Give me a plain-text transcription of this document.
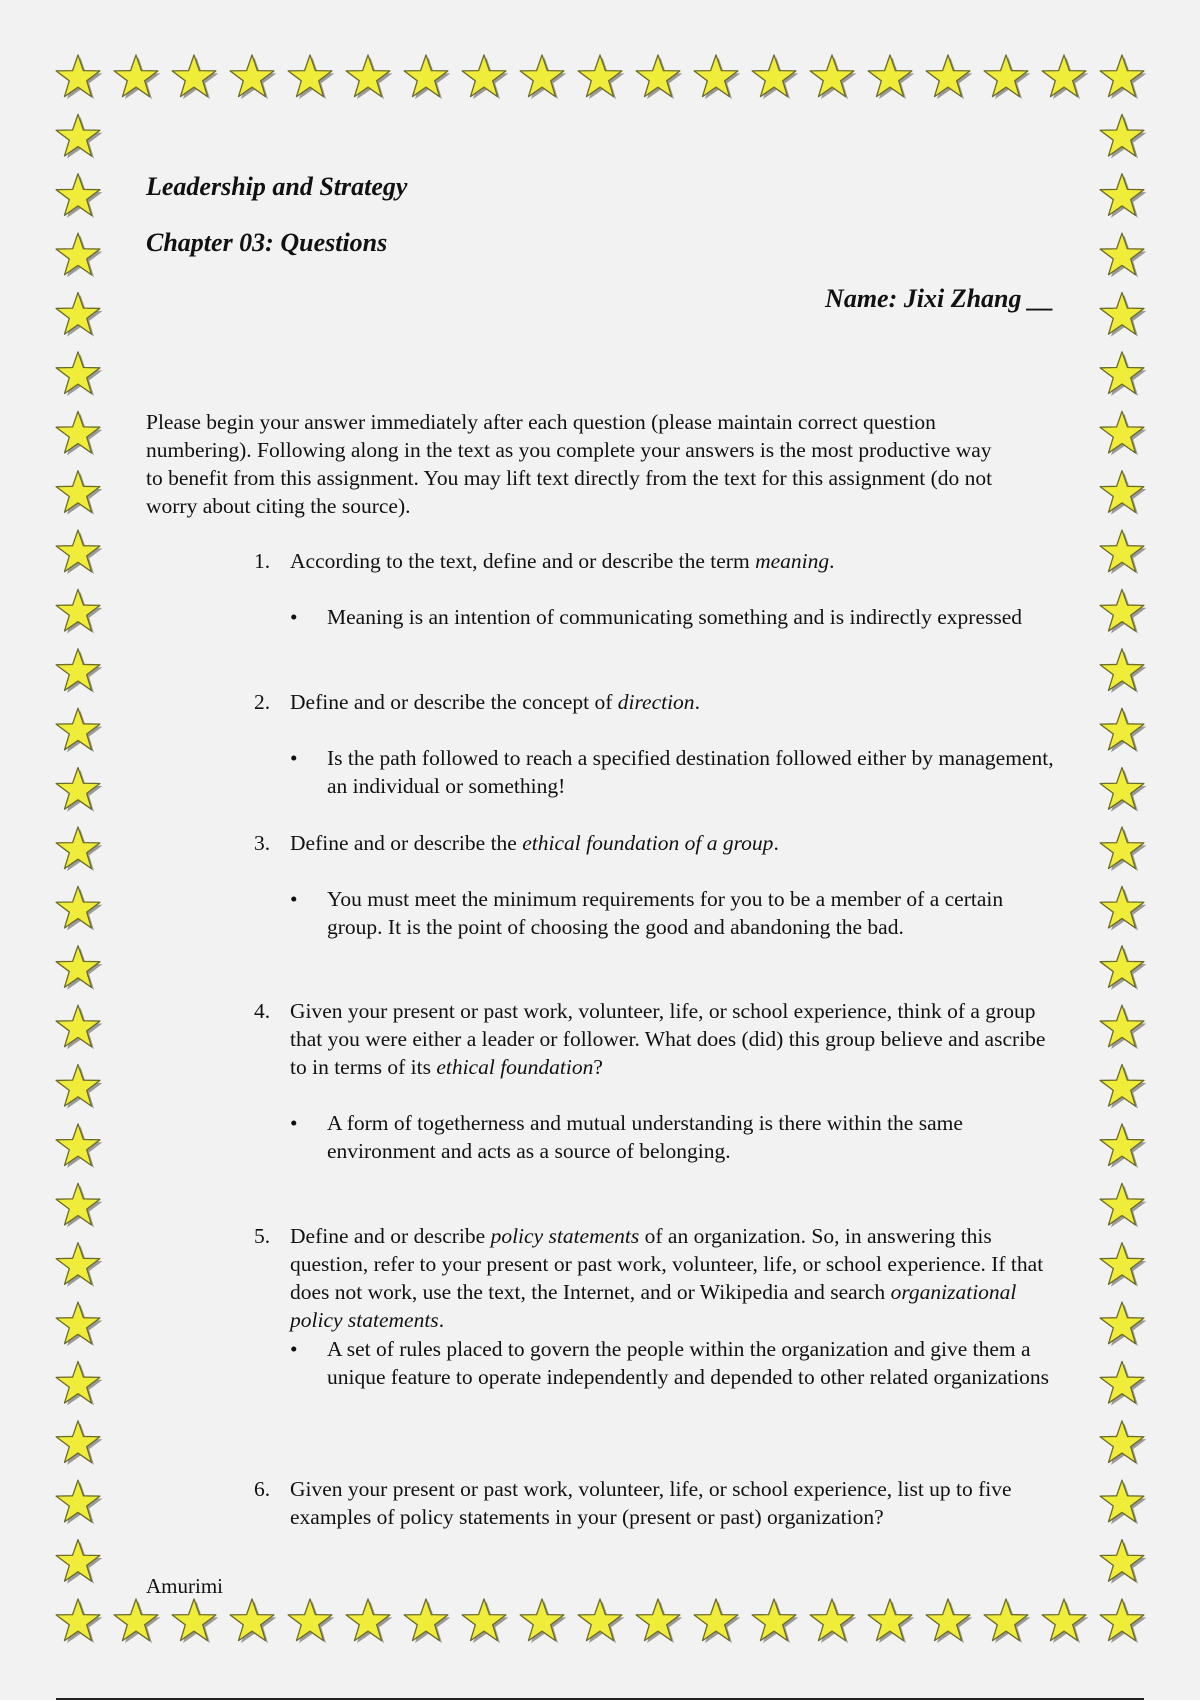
Leadership and Strategy
Chapter 03: Questions
Name: Jixi Zhang __
Please begin your answer immediately after each question (please maintain correct question numbering). Following along in the text as you complete your answers is the most productive way to benefit from this assignment. You may lift text directly from the text for this assignment (do not worry about citing the source).
1. According to the text, define and or describe the term meaning.
•	Meaning is an intention of communicating something and is indirectly expressed
2. Define and or describe the concept of direction.
•	Is the path followed to reach a specified destination followed either by management, an individual or something!
3. Define and or describe the ethical foundation of a group.
•	You must meet the minimum requirements for you to be a member of a certain group. It is the point of choosing the good and abandoning the bad.
4. Given your present or past work, volunteer, life, or school experience, think of a group that you were either a leader or follower. What does (did) this group believe and ascribe to in terms of its ethical foundation?
•	A form of togetherness and mutual understanding is there within the same environment and acts as a source of belonging.
5. Define and or describe policy statements of an organization. So, in answering this question, refer to your present or past work, volunteer, life, or school experience. If that does not work, use the text, the Internet, and or Wikipedia and search organizational policy statements.
•	A set of rules placed to govern the people within the organization and give them a unique feature to operate independently and depended to other related organizations
6. Given your present or past work, volunteer, life, or school experience, list up to five examples of policy statements in your (present or past) organization?
Amurimi
